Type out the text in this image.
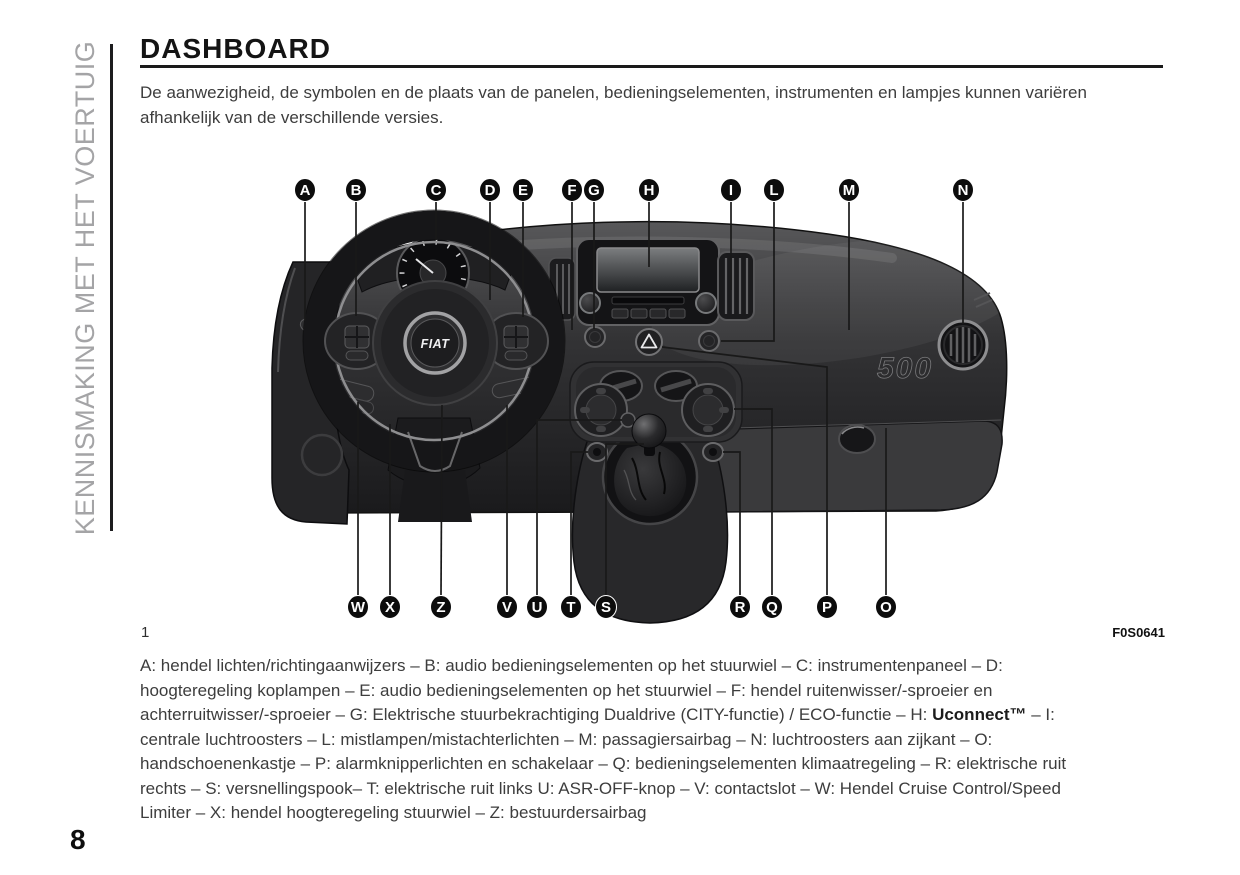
KENNISMAKING MET HET VOERTUIG	DASHBOARD
De aanwezigheid, de symbolen en de plaats van de panelen, bedieningselementen, instrumenten en lampjes kunnen variëren
afhankelijk van de verschillende versies.
500
FIAT
A	B	C	D E	F G	H	I L	M	N
W X	Z	V U T S	R Q	P	O
1	F0S0641
A: hendel lichten/richtingaanwijzers – B: audio bedieningselementen op het stuurwiel – C: instrumentenpaneel – D:
hoogteregeling koplampen – E: audio bedieningselementen op het stuurwiel – F: hendel ruitenwisser/-sproeier en
achterruitwisser/-sproeier – G: Elektrische stuurbekrachtiging Dualdrive (CITY-functie) / ECO-functie – H: Uconnect™ – I:
centrale luchtroosters – L: mistlampen/mistachterlichten – M: passagiersairbag – N: luchtroosters aan zijkant – O:
handschoenenkastje – P: alarmknipperlichten en schakelaar – Q: bedieningselementen klimaatregeling – R: elektrische ruit
rechts – S: versnellingspook– T: elektrische ruit links U: ASR-OFF-knop – V: contactslot – W: Hendel Cruise Control/Speed
Limiter – X: hendel hoogteregeling stuurwiel – Z: bestuurdersairbag
8
